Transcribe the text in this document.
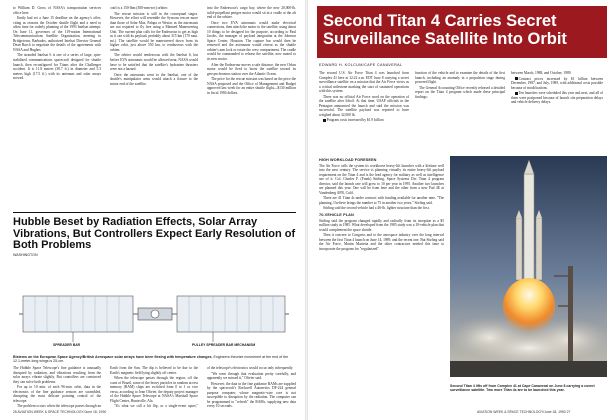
to William D. Gross of NASA's transportation services office here.

Emily had set a June 15 deadline on the agency's offer, citing as reasons the October shuttle flight and a need to allow time for orderly planning of the 1993 Intelsat attempt. On June 11, governors of the 119-nation International Telecommunications Satellite Organization, meeting in Bridgetown, Barbados, authorized Intelsat Director General Dean Burch to negotiate the details of the agreements with NASA and Hughes.

The stranded Intelsat 6 is one of a series of large, spin-stabilized communications spacecraft designed for shuttle launch, then reconfigured for Titans after the Challenger accident. It is 11.8 meters (38.7 ft.) in diameter and 5.3 meters high (17.5 ft.) with its antennas and solar arrays stowed.

craft is a 150-lbm (300-mm-sec) orbiter.

The rescue mission is still in the conceptual stages. However, the effort will resemble the Syncom rescue more than those of Solar Max, Palapa or Westar, as the astronauts are not required to fly free using a Manned Maneuvering Unit. The current plan calls for the Endeavour to get as high as it can with its payload, probably about 315 km (170 naut. mi.). The satellite would be maneuvered down from its higher orbit, just above 550 km, to rendezvous with the orbiter.

The orbiter would rendezvous with the Intelsat 6, but before EVA astronauts would be allowed near, NASA would have to be satisfied that the satellite's hydrazine thrusters were not a hazard.

Once the astronauts went to the Intelsat, one of the shuttle's manipulator arms would attach a fixture to the motor end of the satellite.

into the Endeavour's cargo bay, where the new 20,000-lb. solid-propellant perigee motor would sit in a cradle at the aft end of the orbiter.

Once two EVA astronauts would make electrical connections, then attach the motor to the satellite, using about 10 things to be designed for the purpose, according to Paul Jacobs, the manager of payload integration at the Johnson Space Center, Houston. The capture bar would then be removed and the astronauts would retreat as the shuttle orbiter's arm lock or rotate the crew compartment. The cradle would be commanded to release the satellite, now mated to its new motor.

After the Endeavour moves a safe distance, the new Orbus motor would be fired to boost the satellite toward its geosynchronous station over the Atlantic Ocean.

The price for the rescue mission was based on the price the NASA proposed and the Office of Management and Budget approved last week for an entire shuttle flight—$130 million in fiscal 1984 dollars.

Hubble Beset by Radiation Effects, Solar Array Vibrations, But Controllers Expect Early Resolution of Both Problems

WASHINGTON

SPREADER BAR	PULLEY SPREADER BAR MECHANISM
Bistems on the European Space Agency/British Aerospace solar arrays have been flexing with temperature changes. Engineers theorize movement at the end of the 12.1-meter-long wings is 25-cm.

The Hubble Space Telescope's fine guidance is unusually disrupted by radiation, and vibrations resulting from the solar arrays vibrate slightly. But controllers are convinced they can solve both problems.

For up to 10 min. of each 96-min. orbit, data in the electronics of the fine guidance sensors are scrambled, disrupting the most delicate pointing control of the telescope.

The problem occurs when the telescope passes through an

Earth from the Sun. The dip is believed to be due to the Earth's magnetic field lying slightly off center.

When the telescope passes through the region, off the coast of Brazil, some of the heavy particles in random access memory (RAM) chips are switched from 0 to 1 or vice versa, according to Jean Olivier, the deputy project manager of the Hubble Space Telescope at NASA's Marshall Space Flight Center, Huntsville, Ala.

"It's what we call a bit flip, or a single-event upset,"

of the telescope's electronics would occur only infrequently.

"We went through that evaluation pretty carefully, and apparently we missed it," Olivier said.

However, the data in the fine guidance RAMs are supplied by the spacecraft's Rockwell Autonetics DF-224 general purpose computer, whose magnetic-wire core is not susceptible to disruption by the radiation. The computer can be programmed to "refresh" the RAMs, supplying new data every 10 seconds.

26 AVIATION WEEK & SPACE TECHNOLOGY/June 18, 1990
Second Titan 4 Carries Secret Surveillance Satellite Into Orbit
EDWARD H. KOLCUM/CAPE CANAVERAL

The second U.S. Air Force Titan 4 was launched from Complex 41 here at 12:22 a.m. EDT June 8 carrying a secret surveillance satellite on a mission that the Air Force views as a critical milestone marking the start of sustained operations with this system.

There was no official Air Force word on the operation of the satellite after liftoff. At that time, USAF officials in the Pentagon announced the launch and said the mission was successful. The satellite payload was reported to have weighed about 32,000 lb.

Program costs increased by $1.9 billion

function of the vehicle and to examine the details of the first launch, including an anomaly in a propulsion stage during powered flight.

The General Accounting Office recently released a detailed report on the Titan 4 program which made these principal findings:

between March, 1988, and October, 1989.

Contract prices increased by $1 billion between December, 1987, and July, 1989, with additional costs possible because of modifications.

Ten launches were scheduled this year and next, and all of them were postponed because of launch site preparation delays and vehicle delivery delays.

HIGH WORKLOAD FORESEEN

The Air Force calls the system its workhorse heavy-lift launcher with a lifetime well into the next century. The service is planning virtually its entire heavy-lift payload requirement on the Titan 4 and is the lead agency for military as well as intelligence use of it. Col. Charles F. (Frank) Stirling, Space Systems Div. Titan 4 program director, said the launch rate will grow to 10 per year in 1995. Another two launches are planned this year. One will be from here and the other from a new Pad 4E at Vandenberg AFB, Calif.

There are 41 Titan 4s under contract with funding available for another nine. "The planning, I believe brings the number to 75 in another two years," Stirling said.

Stirling said the second vehicle had a 46-lb. lighter structure than the first.

70-VEHICLE PLAN

Stirling said the program changed rapidly and radically from its inception as a $5 million study in 1985. What developed from the 1985 study was a 10-vehicle plan that would complement the space shuttle.

Then it concern to Congress and to the aerospace industry over the long interval between the first Titan 4 launch on June 14, 1989, and the recent one. But Stirling said the Air Force, Martin Marietta and the other contractors needed this time to incorporate the program for "regularized"

Second Titan 4 lifts off from Complex 41 at Cape Canaveral on June 8 carrying a covert surveillance satellite. Two more Titan 4s are to be launched this year.
AVIATION WEEK & SPACE TECHNOLOGY/June 18, 1990 27
